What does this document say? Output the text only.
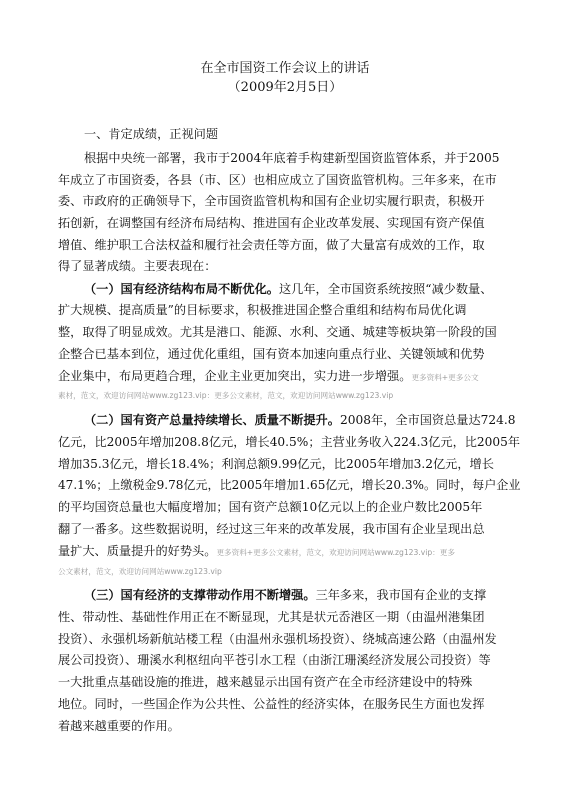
在全市国资工作会议上的讲话
（2009年2月5日）
一、肯定成绩，正视问题
根据中央统一部署，我市于2004年底着手构建新型国资监管体系，并于2005
年成立了市国资委，各县（市、区）也相应成立了国资监管机构。三年多来，在市
委、市政府的正确领导下，全市国资监管机构和国有企业切实履行职责，积极开
拓创新，在调整国有经济布局结构、推进国有企业改革发展、实现国有资产保值
增值、维护职工合法权益和履行社会责任等方面，做了大量富有成效的工作，取
得了显著成绩。主要表现在：
（一）国有经济结构布局不断优化。这几年，全市国资系统按照“减少数量、
扩大规模、提高质量”的目标要求，积极推进国企整合重组和结构布局优化调
整，取得了明显成效。尤其是港口、能源、水利、交通、城建等板块第一阶段的国
企整合已基本到位，通过优化重组，国有资本加速向重点行业、关键领域和优势
企业集中，布局更趋合理，企业主业更加突出，实力进一步增强。更多资料+更多公文
素材，范文，欢迎访问网站www.zg123.vip：更多公文素材，范文，欢迎访问网站www.zg123.vip
（二）国有资产总量持续增长、质量不断提升。2008年，全市国资总量达724.8
亿元，比2005年增加208.8亿元，增长40.5%；主营业务收入224.3亿元，比2005年
增加35.3亿元，增长18.4%；利润总额9.99亿元，比2005年增加3.2亿元，增长
47.1%；上缴税金9.78亿元，比2005年增加1.65亿元，增长20.3%。同时，每户企业
的平均国资总量也大幅度增加；国有资产总额10亿元以上的企业户数比2005年
翻了一番多。这些数据说明，经过这三年来的改革发展，我市国有企业呈现出总
量扩大、质量提升的好势头。更多资料+更多公文素材，范文，欢迎访问网站www.zg123.vip：更多
公文素材，范文，欢迎访问网站www.zg123.vip
（三）国有经济的支撑带动作用不断增强。三年多来，我市国有企业的支撑
性、带动性、基础性作用正在不断显现，尤其是状元岙港区一期（由温州港集团
投资）、永强机场新航站楼工程（由温州永强机场投资）、绕城高速公路（由温州发
展公司投资）、珊溪水利枢纽向平苍引水工程（由浙江珊溪经济发展公司投资）等
一大批重点基础设施的推进，越来越显示出国有资产在全市经济建设中的特殊
地位。同时，一些国企作为公共性、公益性的经济实体，在服务民生方面也发挥
着越来越重要的作用。
